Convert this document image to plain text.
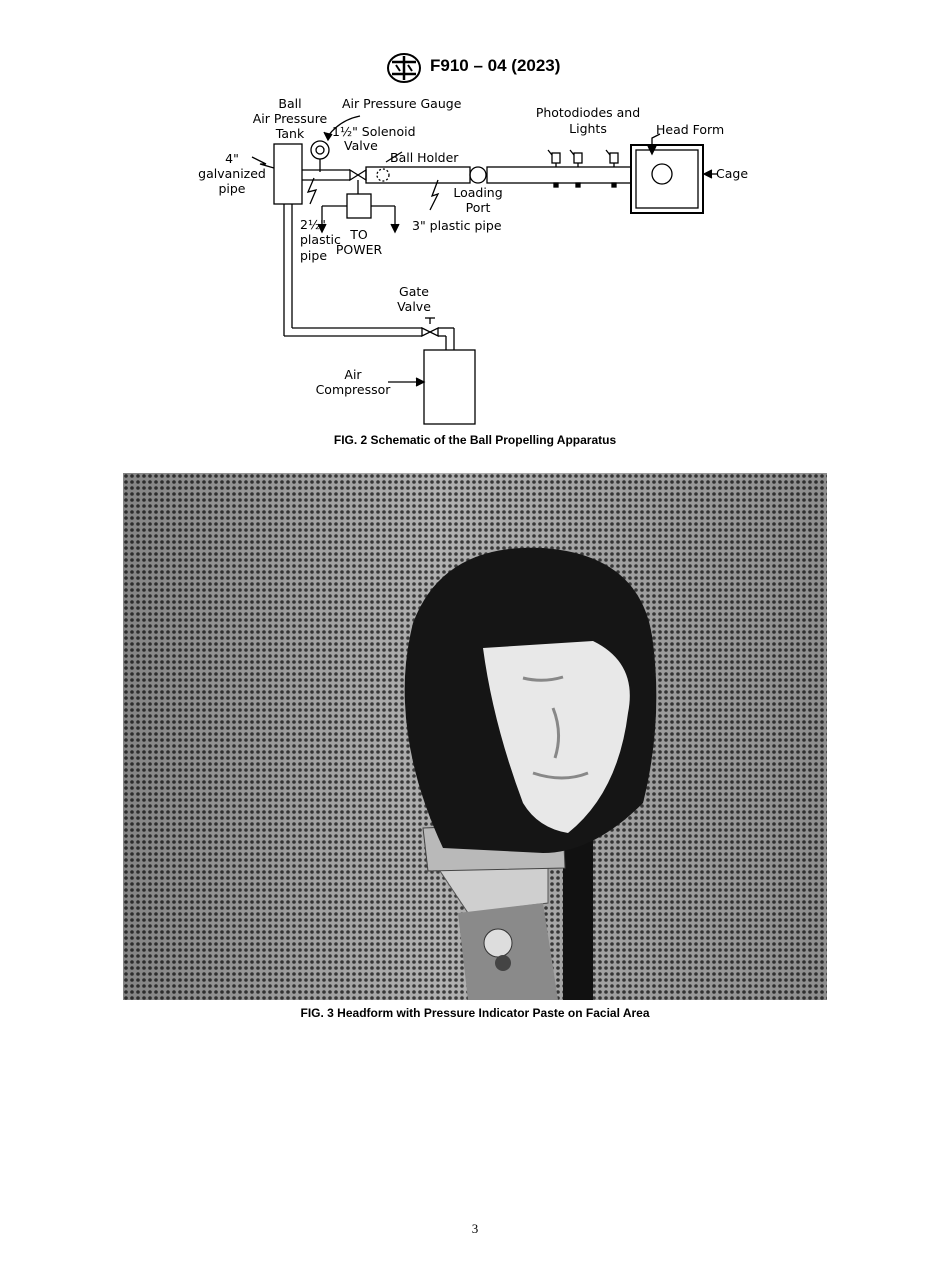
F910 – 04 (2023)
Ball
Air Pressure
Tank
Air Pressure Gauge
4"
galvanized
pipe
1½" Solenoid
Valve
Ball Holder
Photodiodes and
Lights	Head Form
Cage
Loading
Port
3" plastic pipe
2½"
plastic
pipe
TO
POWER
Gate
Valve
Air
Compressor
FIG. 2 Schematic of the Ball Propelling Apparatus
FIG. 3 Headform with Pressure Indicator Paste on Facial Area
3
